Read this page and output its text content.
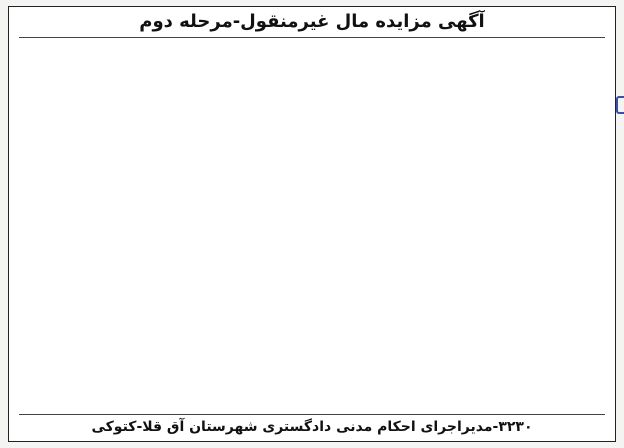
آگهی مزایده مال غیرمنقول-مرحله دوم
۳۲۳۰-مدیراجرای احکام مدنی دادگستری شهرستان آق قلا-کتوکی
